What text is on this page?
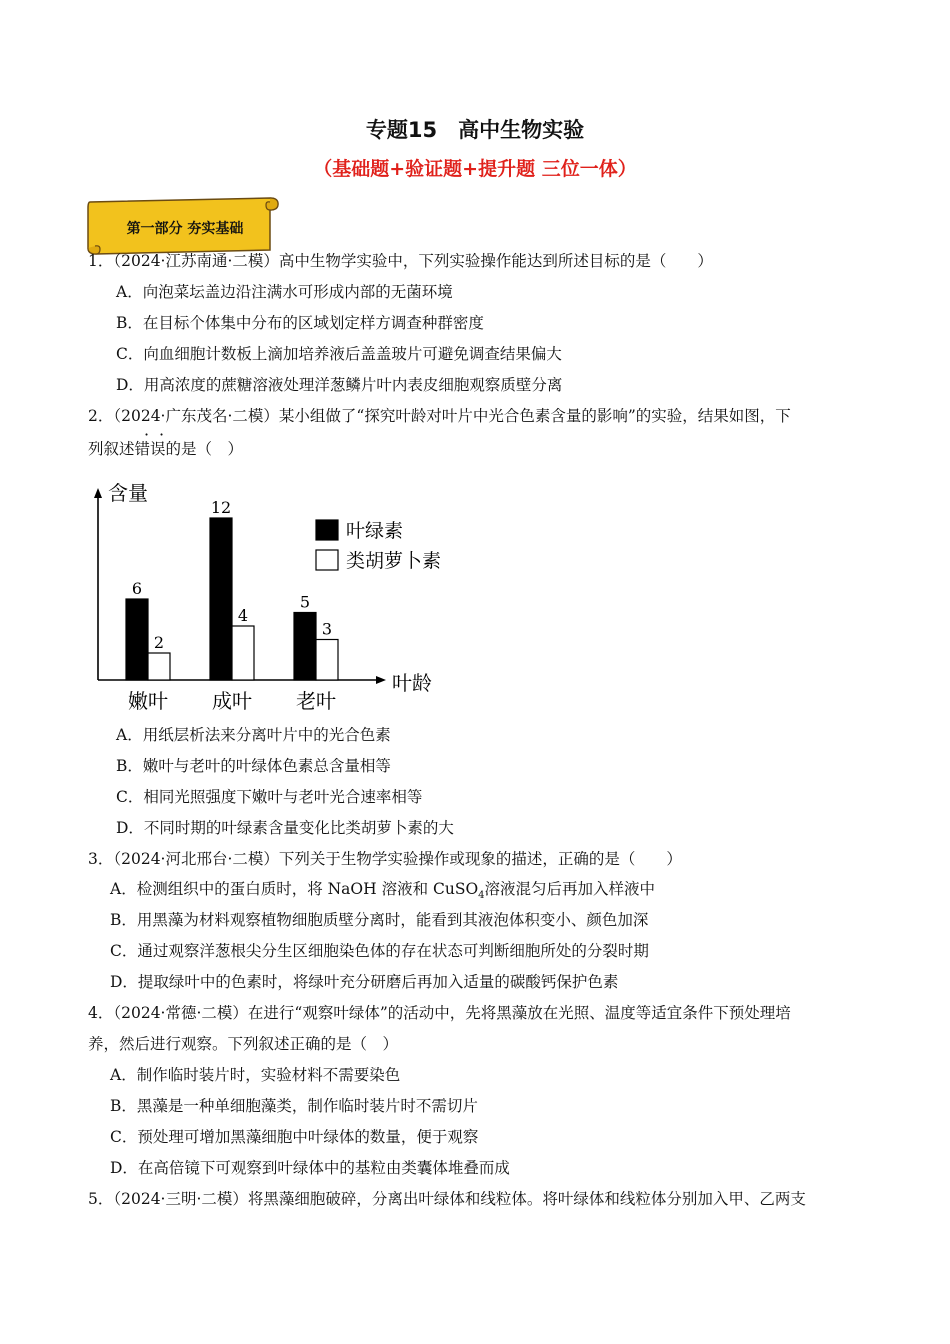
专题15　高中生物实验
（基础题+验证题+提升题 三位一体）
第一部分 夯实基础
1．（2024·江苏南通·二模）高中生物学实验中，下列实验操作能达到所述目标的是（　　）
A．向泡菜坛盖边沿注满水可形成内部的无菌环境
B．在目标个体集中分布的区域划定样方调查种群密度
C．向血细胞计数板上滴加培养液后盖盖玻片可避免调查结果偏大
D．用高浓度的蔗糖溶液处理洋葱鳞片叶内表皮细胞观察质壁分离
2．（2024·广东茂名·二模）某小组做了“探究叶龄对叶片中光合色素含量的影响”的实验，结果如图，下
列叙述错误的是（　）
· ·
含量
叶龄
6
2
嫩叶
12
4
成叶
5
3
老叶
叶绿素
类胡萝卜素
A．用纸层析法来分离叶片中的光合色素
B．嫩叶与老叶的叶绿体色素总含量相等
C．相同光照强度下嫩叶与老叶光合速率相等
D．不同时期的叶绿素含量变化比类胡萝卜素的大
3．（2024·河北邢台·二模）下列关于生物学实验操作或现象的描述，正确的是（　　）
A．检测组织中的蛋白质时，将 NaOH 溶液和 CuSO$_4$溶液混匀后再加入样液中
B．用黑藻为材料观察植物细胞质壁分离时，能看到其液泡体积变小、颜色加深
C．通过观察洋葱根尖分生区细胞染色体的存在状态可判断细胞所处的分裂时期
D．提取绿叶中的色素时，将绿叶充分研磨后再加入适量的碳酸钙保护色素
4．（2024·常德·二模）在进行“观察叶绿体”的活动中，先将黑藻放在光照、温度等适宜条件下预处理培
养，然后进行观察。下列叙述正确的是（　）
A．制作临时装片时，实验材料不需要染色
B．黑藻是一种单细胞藻类，制作临时装片时不需切片
C．预处理可增加黑藻细胞中叶绿体的数量，便于观察
D．在高倍镜下可观察到叶绿体中的基粒由类囊体堆叠而成
5．（2024·三明·二模）将黑藻细胞破碎，分离出叶绿体和线粒体。将叶绿体和线粒体分别加入甲、乙两支
